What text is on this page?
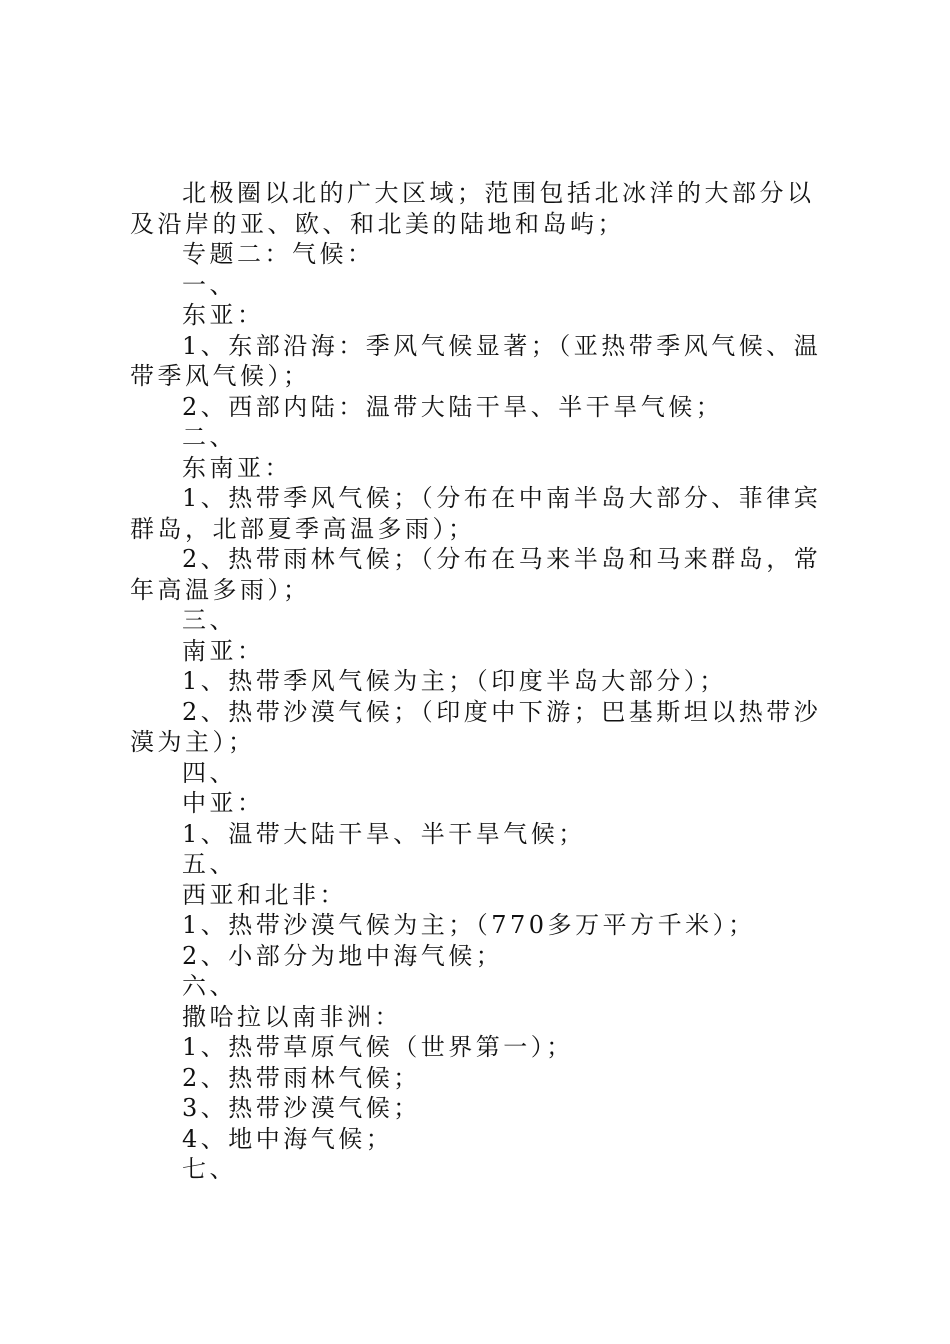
北极圈以北的广大区域；范围包括北冰洋的大部分以及沿岸的亚、欧、和北美的陆地和岛屿；

专题二：气候：

一、

东亚：

1、东部沿海：季风气候显著；（亚热带季风气候、温带季风气候）；

2、西部内陆：温带大陆干旱、半干旱气候；

二、

东南亚：

1、热带季风气候；（分布在中南半岛大部分、菲律宾群岛，北部夏季高温多雨）；

2、热带雨林气候；（分布在马来半岛和马来群岛，常年高温多雨）；

三、

南亚：

1、热带季风气候为主；（印度半岛大部分）；

2、热带沙漠气候；（印度中下游；巴基斯坦以热带沙漠为主）；

四、

中亚：

1、温带大陆干旱、半干旱气候；

五、

西亚和北非：

1、热带沙漠气候为主；（770多万平方千米）；

2、小部分为地中海气候；

六、

撒哈拉以南非洲：

1、热带草原气候（世界第一）；

2、热带雨林气候；

3、热带沙漠气候；

4、地中海气候；

七、
